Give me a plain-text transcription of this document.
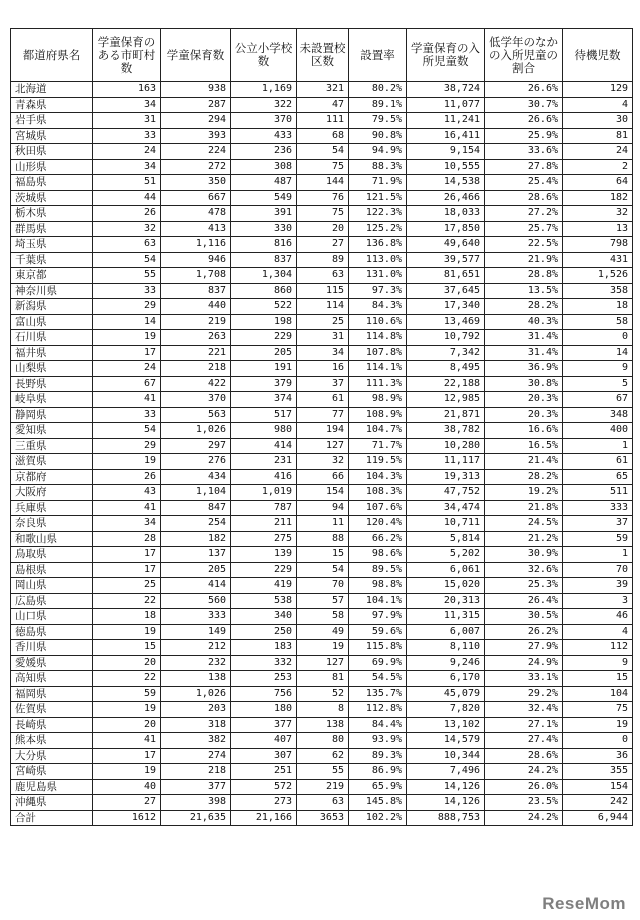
都道府県名	学童保育のある市町村数	学童保育数	公立小学校数	未設置校区数	設置率	学童保育の入所児童数	低学年のなかの入所児童の割合	待機児数
北海道	163	938	1,169	321	80.2%	38,724	26.6%	129
青森県	34	287	322	47	89.1%	11,077	30.7%	4
岩手県	31	294	370	111	79.5%	11,241	26.6%	30
宮城県	33	393	433	68	90.8%	16,411	25.9%	81
秋田県	24	224	236	54	94.9%	9,154	33.6%	24
山形県	34	272	308	75	88.3%	10,555	27.8%	2
福島県	51	350	487	144	71.9%	14,538	25.4%	64
茨城県	44	667	549	76	121.5%	26,466	28.6%	182
栃木県	26	478	391	75	122.3%	18,033	27.2%	32
群馬県	32	413	330	20	125.2%	17,850	25.7%	13
埼玉県	63	1,116	816	27	136.8%	49,640	22.5%	798
千葉県	54	946	837	89	113.0%	39,577	21.9%	431
東京都	55	1,708	1,304	63	131.0%	81,651	28.8%	1,526
神奈川県	33	837	860	115	97.3%	37,645	13.5%	358
新潟県	29	440	522	114	84.3%	17,340	28.2%	18
富山県	14	219	198	25	110.6%	13,469	40.3%	58
石川県	19	263	229	31	114.8%	10,792	31.4%	0
福井県	17	221	205	34	107.8%	7,342	31.4%	14
山梨県	24	218	191	16	114.1%	8,495	36.9%	9
長野県	67	422	379	37	111.3%	22,188	30.8%	5
岐阜県	41	370	374	61	98.9%	12,985	20.3%	67
静岡県	33	563	517	77	108.9%	21,871	20.3%	348
愛知県	54	1,026	980	194	104.7%	38,782	16.6%	400
三重県	29	297	414	127	71.7%	10,280	16.5%	1
滋賀県	19	276	231	32	119.5%	11,117	21.4%	61
京都府	26	434	416	66	104.3%	19,313	28.2%	65
大阪府	43	1,104	1,019	154	108.3%	47,752	19.2%	511
兵庫県	41	847	787	94	107.6%	34,474	21.8%	333
奈良県	34	254	211	11	120.4%	10,711	24.5%	37
和歌山県	28	182	275	88	66.2%	5,814	21.2%	59
鳥取県	17	137	139	15	98.6%	5,202	30.9%	1
島根県	17	205	229	54	89.5%	6,061	32.6%	70
岡山県	25	414	419	70	98.8%	15,020	25.3%	39
広島県	22	560	538	57	104.1%	20,313	26.4%	3
山口県	18	333	340	58	97.9%	11,315	30.5%	46
徳島県	19	149	250	49	59.6%	6,007	26.2%	4
香川県	15	212	183	19	115.8%	8,110	27.9%	112
愛媛県	20	232	332	127	69.9%	9,246	24.9%	9
高知県	22	138	253	81	54.5%	6,170	33.1%	15
福岡県	59	1,026	756	52	135.7%	45,079	29.2%	104
佐賀県	19	203	180	8	112.8%	7,820	32.4%	75
長崎県	20	318	377	138	84.4%	13,102	27.1%	19
熊本県	41	382	407	80	93.9%	14,579	27.4%	0
大分県	17	274	307	62	89.3%	10,344	28.6%	36
宮崎県	19	218	251	55	86.9%	7,496	24.2%	355
鹿児島県	40	377	572	219	65.9%	14,126	26.0%	154
沖縄県	27	398	273	63	145.8%	14,126	23.5%	242
合計	1612	21,635	21,166	3653	102.2%	888,753	24.2%	6,944
ReseMom
